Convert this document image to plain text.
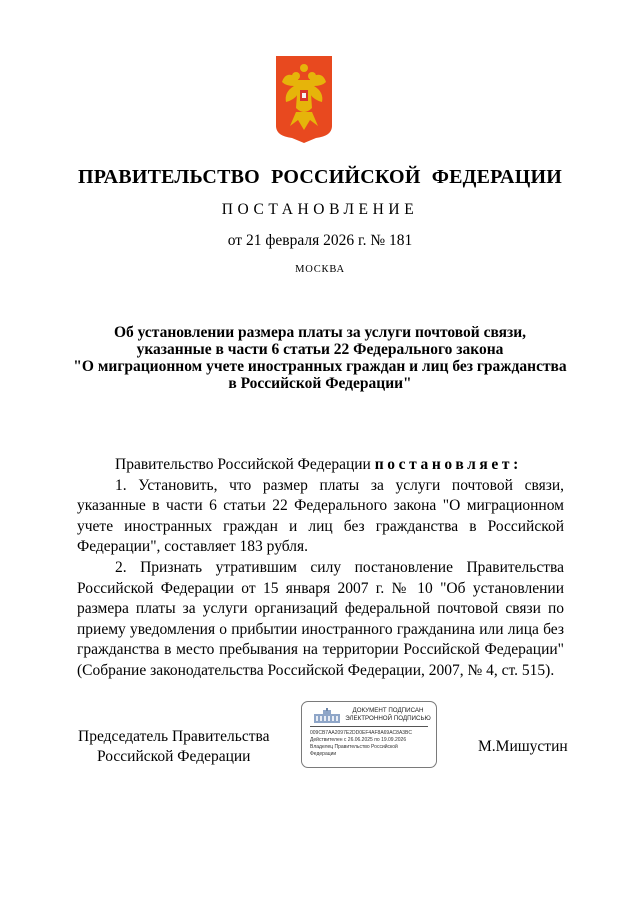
ПРАВИТЕЛЬСТВО РОССИЙСКОЙ ФЕДЕРАЦИИ
ПОСТАНОВЛЕНИЕ
от 21 февраля 2026 г. № 181
МОСКВА
Об установлении размера платы за услуги почтовой связи,
указанные в части 6 статьи 22 Федерального закона
"О миграционном учете иностранных граждан и лиц без гражданства
в Российской Федерации"

Правительство Российской Федерации постановляет:

1. Установить, что размер платы за услуги почтовой связи, указанные в части 6 статьи 22 Федерального закона "О миграционном учете иностранных граждан и лиц без гражданства в Российской Федерации", составляет 183 рубля.

2. Признать утратившим силу постановление Правительства Российской Федерации от 15 января 2007 г. № 10 "Об установлении размера платы за услуги организаций федеральной почтовой связи по приему уведомления о прибытии иностранного гражданина или лица без гражданства в место пребывания на территории Российской Федерации" (Собрание законодательства Российской Федерации, 2007, № 4, ст. 515).

Председатель Правительства
Российской Федерации
ДОКУМЕНТ ПОДПИСАН
ЭЛЕКТРОННОЙ ПОДПИСЬЮ
009CB7AA2097E2DD0EF4AF8A69AC8A3BC
Действителен с 26.06.2025 по 19.09.2026
Владелец Правительство Российской
Федерации	М.Мишустин
